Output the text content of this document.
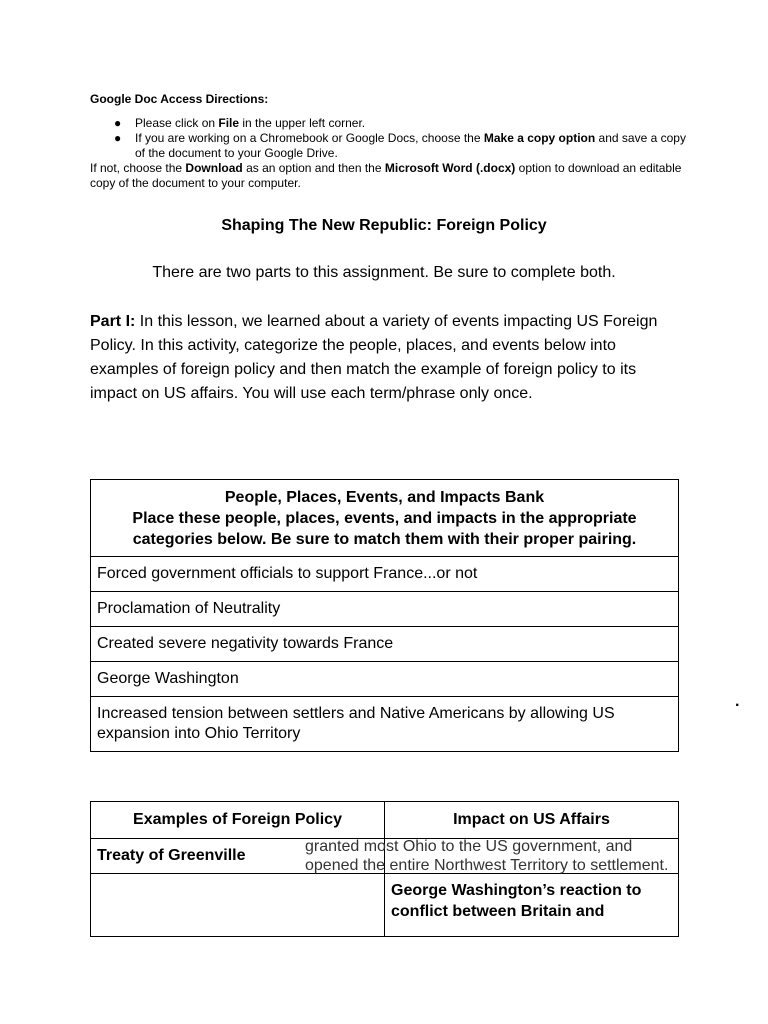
Google Doc Access Directions:

● Please click on File in the upper left corner.
● If you are working on a Chromebook or Google Docs, choose the Make a copy option and save a copy of the document to your Google Drive.

If not, choose the Download as an option and then the Microsoft Word (.docx) option to download an editable copy of the document to your computer.

Shaping The New Republic: Foreign Policy
There are two parts to this assignment. Be sure to complete both.

Part I: In this lesson, we learned about a variety of events impacting US Foreign Policy. In this activity, categorize the people, places, and events below into examples of foreign policy and then match the example of foreign policy to its impact on US affairs. You will use each term/phrase only once.

People, Places, Events, and Impacts Bank
Place these people, places, events, and impacts in the appropriate categories below. Be sure to match them with their proper pairing.
Forced government officials to support France...or not
Proclamation of Neutrality
Created severe negativity towards France
George Washington
Increased tension between settlers and Native Americans by allowing US expansion into Ohio Territory
Examples of Foreign Policy	Impact on US Affairs
Treaty of Greenville	granted most Ohio to the US government, and opened the entire Northwest Territory to settlement.

	George Washington’s reaction to conflict between Britain and
.
